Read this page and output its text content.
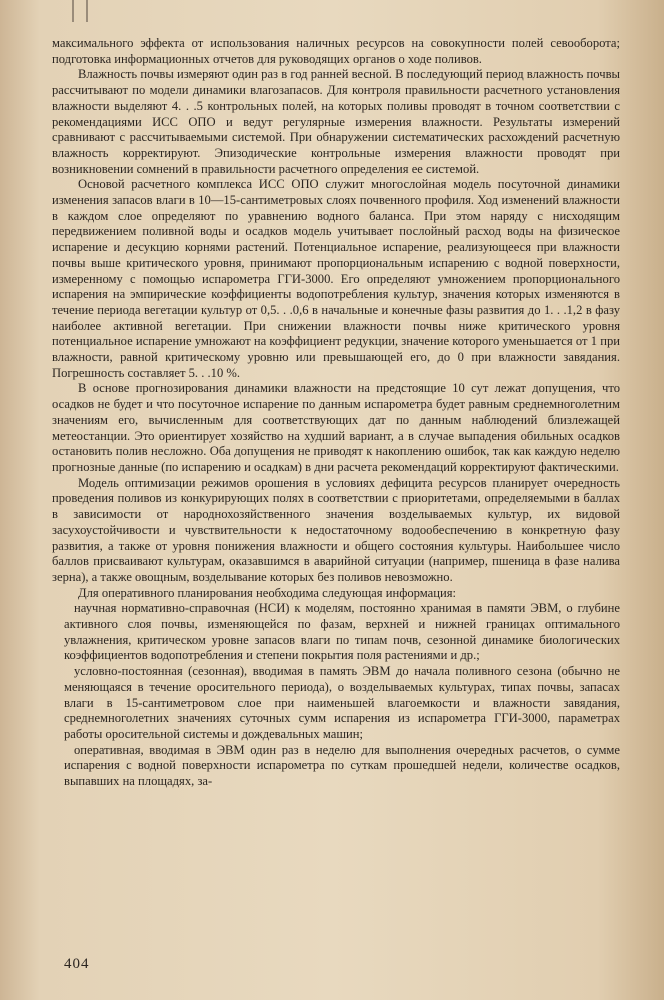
максимального эффекта от использования наличных ресурсов на совокупности полей севооборота; подготовка информационных отчетов для руководящих органов о ходе поливов.

Влажность почвы измеряют один раз в год ранней весной. В последующий период влажность почвы рассчитывают по модели динамики влагозапасов. Для контроля правильности расчетного установления влажности выделяют 4. . .5 контрольных полей, на которых поливы проводят в точном соответствии с рекомендациями ИСС ОПО и ведут регулярные измерения влажности. Результаты измерений сравнивают с рассчитываемыми системой. При обнаружении систематических расхождений расчетную влажность корректируют. Эпизодические контрольные измерения влажности проводят при возникновении сомнений в правильности расчетного определения ее системой.

Основой расчетного комплекса ИСС ОПО служит многослойная модель посуточной динамики изменения запасов влаги в 10—15-сантиметровых слоях почвенного профиля. Ход изменений влажности в каждом слое определяют по уравнению водного баланса. При этом наряду с нисходящим передвижением поливной воды и осадков модель учитывает послойный расход воды на физическое испарение и десукцию корнями растений. Потенциальное испарение, реализующееся при влажности почвы выше критического уровня, принимают пропорциональным испарению с водной поверхности, измеренному с помощью испарометра ГГИ-3000. Его определяют умножением пропорционального испарения на эмпирические коэффициенты водопотребления культур, значения которых изменяются в течение периода вегетации культур от 0,5. . .0,6 в начальные и конечные фазы развития до 1. . .1,2 в фазу наиболее активной вегетации. При снижении влажности почвы ниже критического уровня потенциальное испарение умножают на коэффициент редукции, значение которого уменьшается от 1 при влажности, равной критическому уровню или превышающей его, до 0 при влажности завядания. Погрешность составляет 5. . .10 %.

В основе прогнозирования динамики влажности на предстоящие 10 сут лежат допущения, что осадков не будет и что посуточное испарение по данным испарометра будет равным среднемноголетним значениям его, вычисленным для соответствующих дат по данным наблюдений близлежащей метеостанции. Это ориентирует хозяйство на худший вариант, а в случае выпадения обильных осадков остановить полив несложно. Оба допущения не приводят к накоплению ошибок, так как каждую неделю прогнозные данные (по испарению и осадкам) в дни расчета рекомендаций корректируют фактическими.

Модель оптимизации режимов орошения в условиях дефицита ресурсов планирует очередность проведения поливов из конкурирующих полях в соответствии с приоритетами, определяемыми в баллах в зависимости от народнохозяйственного значения возделываемых культур, их видовой засухоустойчивости и чувствительности к недостаточному водообеспечению в конкретную фазу развития, а также от уровня понижения влажности и общего состояния культуры. Наибольшее число баллов присваивают культурам, оказавшимся в аварийной ситуации (например, пшеница в фазе налива зерна), а также овощным, возделывание которых без поливов невозможно.

Для оперативного планирования необходима следующая информация:

научная нормативно-справочная (НСИ) к моделям, постоянно хранимая в памяти ЭВМ, о глубине активного слоя почвы, изменяющейся по фазам, верхней и нижней границах оптимального увлажнения, критическом уровне запасов влаги по типам почв, сезонной динамике биологических коэффициентов водопотребления и степени покрытия поля растениями и др.;

условно-постоянная (сезонная), вводимая в память ЭВМ до начала поливного сезона (обычно не меняющаяся в течение оросительного периода), о возделываемых культурах, типах почвы, запасах влаги в 15-сантиметровом слое при наименьшей влагоемкости и влажности завядания, среднемноголетних значениях суточных сумм испарения из испарометра ГГИ-3000, параметрах работы оросительной системы и дождевальных машин;

оперативная, вводимая в ЭВМ один раз в неделю для выполнения очередных расчетов, о сумме испарения с водной поверхности испарометра по суткам прошедшей недели, количестве осадков, выпавших на площадях, за-

404
